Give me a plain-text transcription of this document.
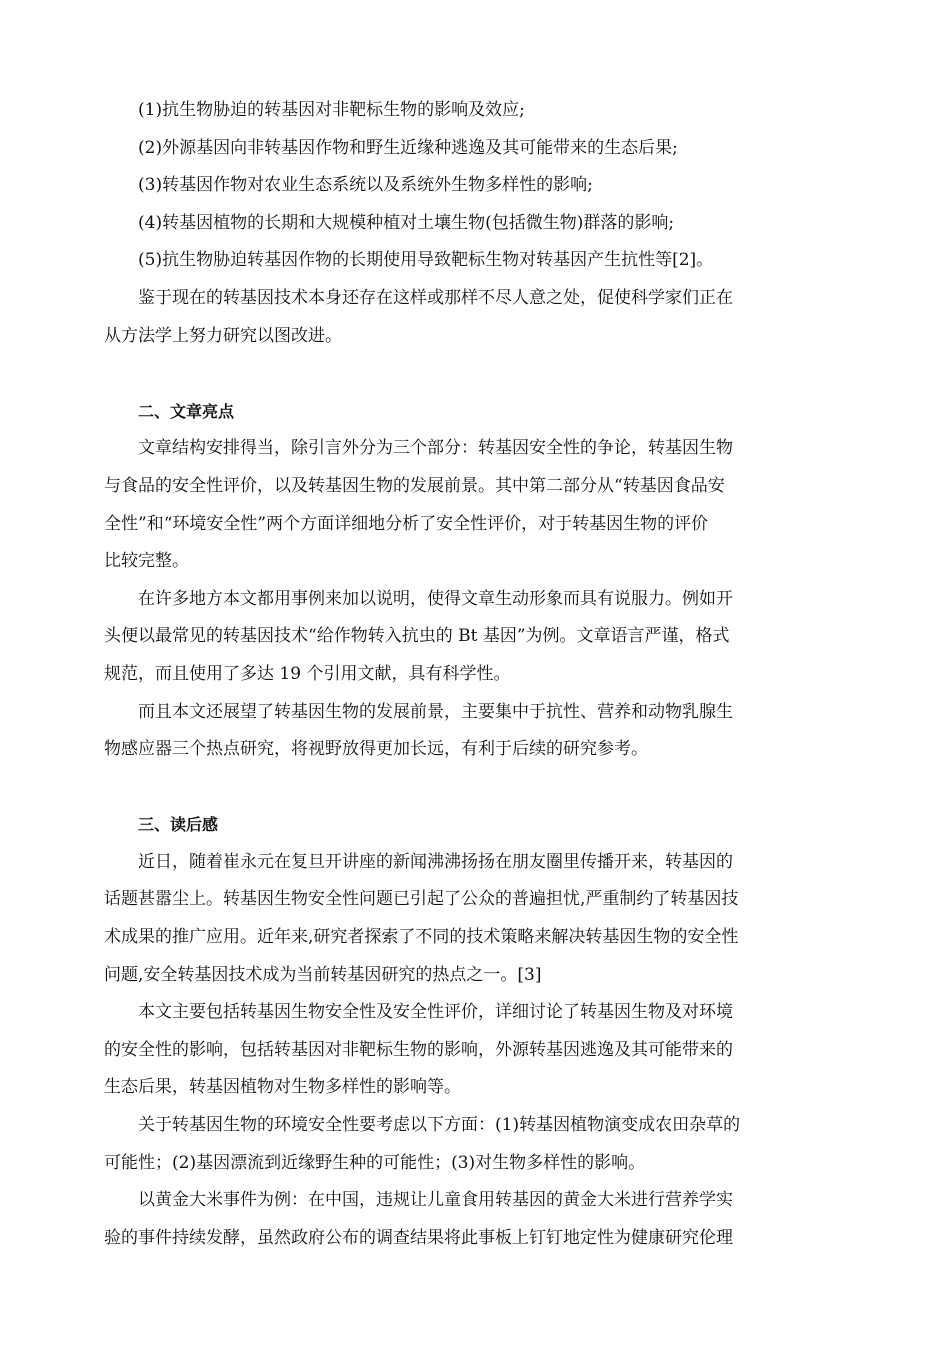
(1)抗生物胁迫的转基因对非靶标生物的影响及效应;
(2)外源基因向非转基因作物和野生近缘种逃逸及其可能带来的生态后果;
(3)转基因作物对农业生态系统以及系统外生物多样性的影响;
(4)转基因植物的长期和大规模种植对土壤生物(包括微生物)群落的影响;
(5)抗生物胁迫转基因作物的长期使用导致靶标生物对转基因产生抗性等[2]。
鉴于现在的转基因技术本身还存在这样或那样不尽人意之处，促使科学家们正在
从方法学上努力研究以图改进。
二、文章亮点
文章结构安排得当，除引言外分为三个部分：转基因安全性的争论，转基因生物
与食品的安全性评价，以及转基因生物的发展前景。其中第二部分从“转基因食品安
全性”和“环境安全性”两个方面详细地分析了安全性评价，对于转基因生物的评价
比较完整。
在许多地方本文都用事例来加以说明，使得文章生动形象而具有说服力。例如开
头便以最常见的转基因技术“给作物转入抗虫的 Bt 基因”为例。文章语言严谨，格式
规范，而且使用了多达 19 个引用文献，具有科学性。
而且本文还展望了转基因生物的发展前景，主要集中于抗性、营养和动物乳腺生
物感应器三个热点研究，将视野放得更加长远，有利于后续的研究参考。
三、读后感
近日，随着崔永元在复旦开讲座的新闻沸沸扬扬在朋友圈里传播开来，转基因的
话题甚嚣尘上。转基因生物安全性问题已引起了公众的普遍担忧,严重制约了转基因技
术成果的推广应用。近年来,研究者探索了不同的技术策略来解决转基因生物的安全性
问题,安全转基因技术成为当前转基因研究的热点之一。[3]
本文主要包括转基因生物安全性及安全性评价，详细讨论了转基因生物及对环境
的安全性的影响，包括转基因对非靶标生物的影响，外源转基因逃逸及其可能带来的
生态后果，转基因植物对生物多样性的影响等。
关于转基因生物的环境安全性要考虑以下方面：(1)转基因植物演变成农田杂草的
可能性；(2)基因漂流到近缘野生种的可能性；(3)对生物多样性的影响。
以黄金大米事件为例：在中国，违规让儿童食用转基因的黄金大米进行营养学实
验的事件持续发酵，虽然政府公布的调查结果将此事板上钉钉地定性为健康研究伦理
